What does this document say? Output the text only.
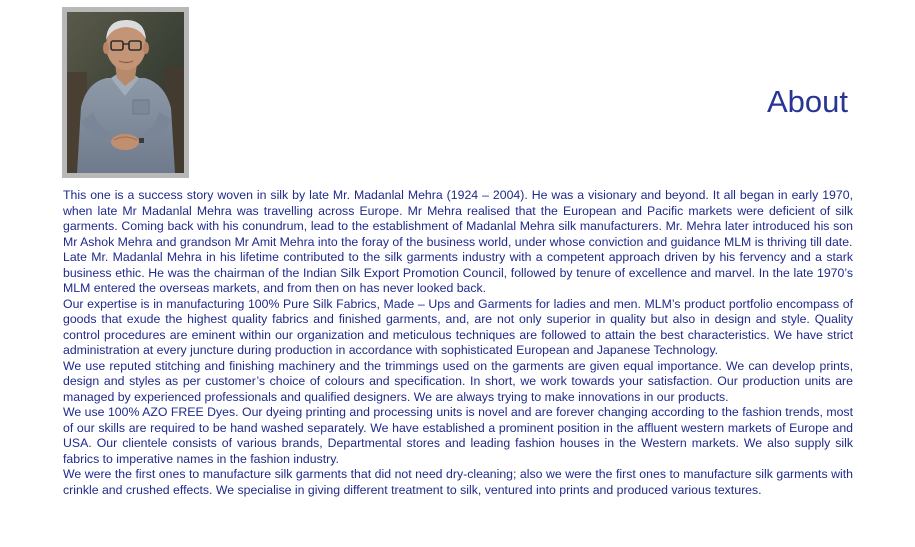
About

This one is a success story woven in silk by late Mr. Madanlal Mehra (1924 – 2004). He was a visionary and beyond. It all began in early 1970, when late Mr Madanlal Mehra was travelling across Europe. Mr Mehra realised that the European and Pacific markets were deficient of silk garments. Coming back with his conundrum, lead to the establishment of Madanlal Mehra silk manufacturers. Mr. Mehra later introduced his son Mr Ashok Mehra and grandson Mr Amit Mehra into the foray of the business world, under whose conviction and guidance MLM is thriving till date.

Late Mr. Madanlal Mehra in his lifetime contributed to the silk garments industry with a competent approach driven by his fervency and a stark business ethic. He was the chairman of the Indian Silk Export Promotion Council, followed by tenure of excellence and marvel. In the late 1970’s MLM entered the overseas markets, and from then on has never looked back.

Our expertise is in manufacturing 100% Pure Silk Fabrics, Made – Ups and Garments for ladies and men. MLM’s product portfolio encompass of goods that exude the highest quality fabrics and finished garments, and, are not only superior in quality but also in design and style. Quality control procedures are eminent within our organization and meticulous techniques are followed to attain the best characteristics. We have strict administration at every juncture during production in accordance with sophisticated European and Japanese Technology.

We use reputed stitching and finishing machinery and the trimmings used on the garments are given equal importance. We can develop prints, design and styles as per customer’s choice of colours and specification. In short, we work towards your satisfaction. Our production units are managed by experienced professionals and qualified designers. We are always trying to make innovations in our products.

We use 100% AZO FREE Dyes. Our dyeing printing and processing units is novel and are forever changing according to the fashion trends, most of our skills are required to be hand washed separately. We have established a prominent position in the affluent western markets of Europe and USA. Our clientele consists of various brands, Departmental stores and leading fashion houses in the Western markets. We also supply silk fabrics to imperative names in the fashion industry.

We were the first ones to manufacture silk garments that did not need dry-cleaning; also we were the first ones to manufacture silk garments with crinkle and crushed effects. We specialise in giving different treatment to silk, ventured into prints and produced various textures.
